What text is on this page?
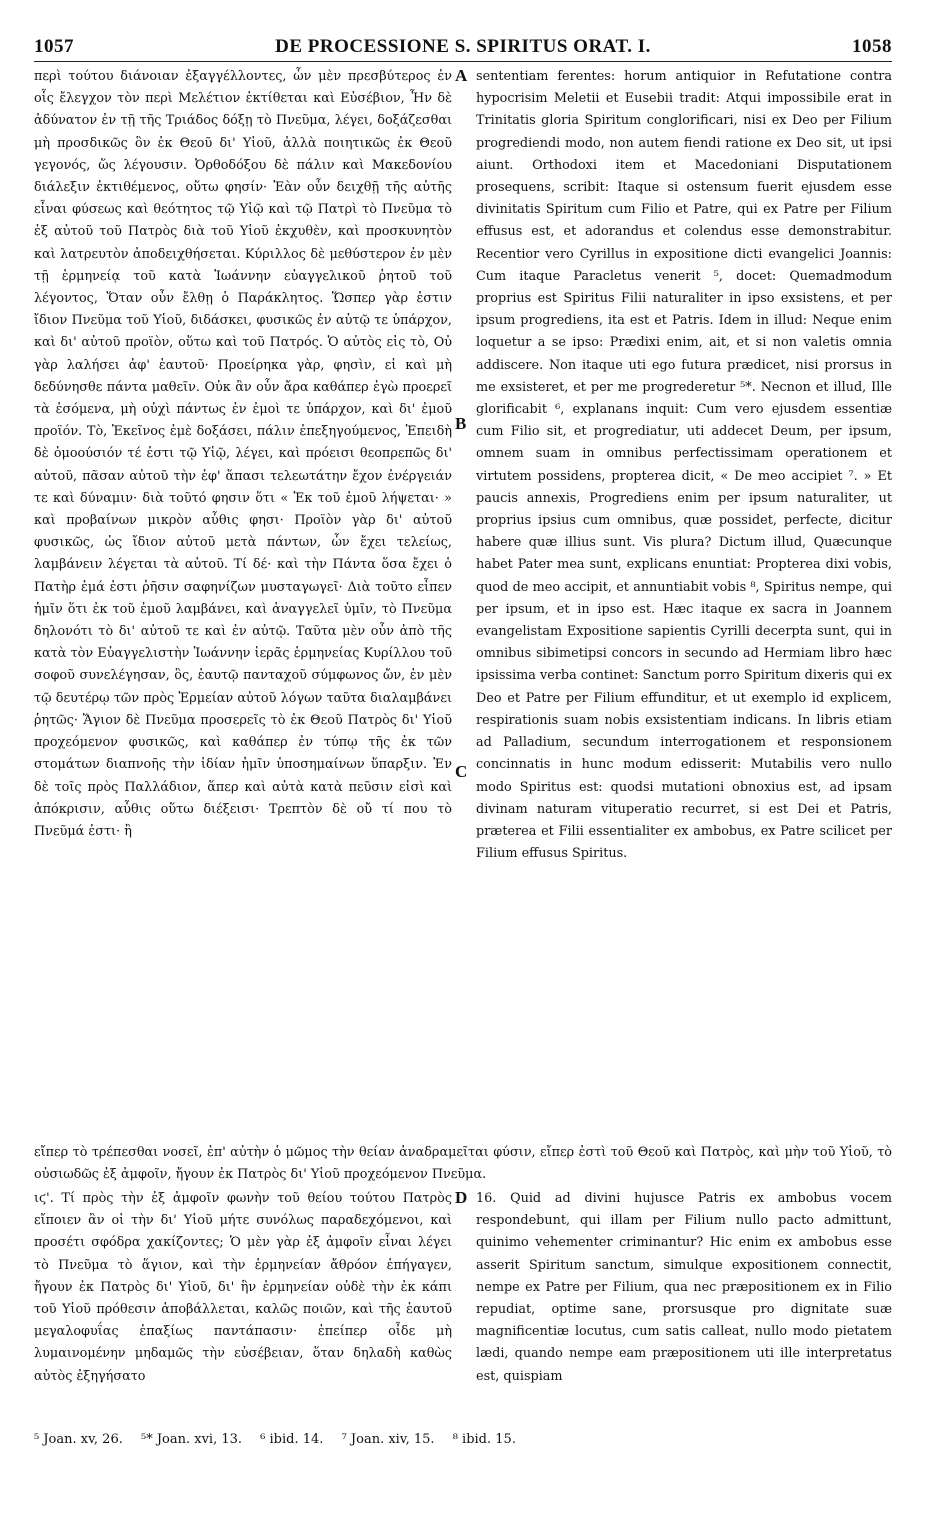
1057	DE PROCESSIONE S. SPIRITUS ORAT. I.	1058
A
B
C
D

περὶ τούτου διάνοιαν ἐξαγγέλλοντες, ὧν μὲν πρεσβύτερος ἐν οἷς ἔλεγχον τὸν περὶ Μελέτιον ἐκτίθεται καὶ Εὐσέβιον, Ἦν δὲ ἀδύνατον ἐν τῇ τῆς Τριάδος δόξῃ τὸ Πνεῦμα, λέγει, δοξάζεσθαι μὴ προσδικῶς ὃν ἐκ Θεοῦ δι' Υἱοῦ, ἀλλὰ ποιητικῶς ἐκ Θεοῦ γεγονός, ὥς λέγουσιν. Ὀρθοδόξου δὲ πάλιν καὶ Μακεδονίου διάλεξιν ἐκτιθέμενος, οὕτω φησίν· Ἐὰν οὖν δειχθῇ τῆς αὐτῆς εἶναι φύσεως καὶ θεότητος τῷ Υἱῷ καὶ τῷ Πατρὶ τὸ Πνεῦμα τὸ ἐξ αὐτοῦ τοῦ Πατρὸς διὰ τοῦ Υἱοῦ ἐκχυθὲν, καὶ προσκυνητὸν καὶ λατρευτὸν ἀποδειχθήσεται. Κύριλλος δὲ μεθύστερον ἐν μὲν τῇ ἑρμηνείᾳ τοῦ κατὰ Ἰωάννην εὐαγγελικοῦ ῥητοῦ τοῦ λέγοντος, Ὅταν οὖν ἔλθῃ ὁ Παράκλητος. Ὥσπερ γὰρ ἐστιν ἴδιον Πνεῦμα τοῦ Υἱοῦ, διδάσκει, φυσικῶς ἐν αὐτῷ τε ὑπάρχον, καὶ δι' αὐτοῦ προϊὸν, οὕτω καὶ τοῦ Πατρός. Ὁ αὐτὸς εἰς τὸ, Οὐ γὰρ λαλήσει ἀφ' ἑαυτοῦ· Προείρηκα γὰρ, φησὶν, εἰ καὶ μὴ δεδύνησθε πάντα μαθεῖν. Οὐκ ἂν οὖν ἄρα καθάπερ ἐγὼ προερεῖ τὰ ἐσόμενα, μὴ οὐχὶ πάντως ἐν ἐμοὶ τε ὑπάρχον, καὶ δι' ἐμοῦ προϊόν. Τὸ, Ἐκεῖνος ἐμὲ δοξάσει, πάλιν ἐπεξηγούμενος, Ἐπειδὴ δὲ ὁμοούσιόν τέ ἐστι τῷ Υἱῷ, λέγει, καὶ πρόεισι θεοπρεπῶς δι' αὐτοῦ, πᾶσαν αὐτοῦ τὴν ἐφ' ἅπασι τελεωτάτην ἔχον ἐνέργειάν τε καὶ δύναμιν· διὰ τοῦτό φησιν ὅτι « Ἐκ τοῦ ἐμοῦ λήψεται· » καὶ προβαίνων μικρὸν αὖθις φησι· Προϊὸν γὰρ δι' αὐτοῦ φυσικῶς, ὡς ἴδιον αὐτοῦ μετὰ πάντων, ὧν ἔχει τελείως, λαμβάνειν λέγεται τὰ αὐτοῦ. Τί δέ· καὶ τὴν Πάντα ὅσα ἔχει ὁ Πατὴρ ἐμά ἐστι ῥῆσιν σαφηνίζων μυσταγωγεῖ· Διὰ τοῦτο εἶπεν ἡμῖν ὅτι ἐκ τοῦ ἐμοῦ λαμβάνει, καὶ ἀναγγελεῖ ὑμῖν, τὸ Πνεῦμα δηλονότι τὸ δι' αὐτοῦ τε καὶ ἐν αὐτῷ. Ταῦτα μὲν οὖν ἀπὸ τῆς κατὰ τὸν Εὐαγγελιστὴν Ἰωάννην ἱερᾶς ἑρμηνείας Κυρίλλου τοῦ σοφοῦ συνελέγησαν, ὃς, ἑαυτῷ πανταχοῦ σύμφωνος ὤν, ἐν μὲν τῷ δευτέρῳ τῶν πρὸς Ἑρμείαν αὐτοῦ λόγων ταῦτα διαλαμβάνει ῥητῶς· Ἅγιον δὲ Πνεῦμα προσερεῖς τὸ ἐκ Θεοῦ Πατρὸς δι' Υἱοῦ προχεόμενον φυσικῶς, καὶ καθάπερ ἐν τύπῳ τῆς ἐκ τῶν στομάτων διαπνοῆς τὴν ἰδίαν ἡμῖν ὑποσημαίνων ὕπαρξιν. Ἐν δὲ τοῖς πρὸς Παλλάδιον, ἅπερ καὶ αὐτὰ κατὰ πεῦσιν εἰσὶ καὶ ἀπόκρισιν, αὖθις οὕτω διέξεισι· Τρεπτὸν δὲ οὔ τί που τὸ Πνεῦμά ἐστι· ἢ

sententiam ferentes: horum antiquior in Refutatione contra hypocrisim Meletii et Eusebii tradit: Atqui impossibile erat in Trinitatis gloria Spiritum conglorificari, nisi ex Deo per Filium progrediendi modo, non autem fiendi ratione ex Deo sit, ut ipsi aiunt. Orthodoxi item et Macedoniani Disputationem prosequens, scribit: Itaque si ostensum fuerit ejusdem esse divinitatis Spiritum cum Filio et Patre, qui ex Patre per Filium effusus est, et adorandus et colendus esse demonstrabitur. Recentior vero Cyrillus in expositione dicti evangelici Joannis: Cum itaque Paracletus venerit ⁵, docet: Quemadmodum proprius est Spiritus Filii naturaliter in ipso exsistens, et per ipsum progrediens, ita est et Patris. Idem in illud: Neque enim loquetur a se ipso: Prædixi enim, ait, et si non valetis omnia addiscere. Non itaque uti ego futura prædicet, nisi prorsus in me exsisteret, et per me progrederetur ⁵*. Necnon et illud, Ille glorificabit ⁶, explanans inquit: Cum vero ejusdem essentiæ cum Filio sit, et progrediatur, uti addecet Deum, per ipsum, omnem suam in omnibus perfectissimam operationem et virtutem possidens, propterea dicit, « De meo accipiet ⁷. » Et paucis annexis, Progrediens enim per ipsum naturaliter, ut proprius ipsius cum omnibus, quæ possidet, perfecte, dicitur habere quæ illius sunt. Vis plura? Dictum illud, Quæcunque habet Pater mea sunt, explicans enuntiat: Propterea dixi vobis, quod de meo accipit, et annuntiabit vobis ⁸, Spiritus nempe, qui per ipsum, et in ipso est. Hæc itaque ex sacra in Joannem evangelistam Expositione sapientis Cyrilli decerpta sunt, qui in omnibus sibimetipsi concors in secundo ad Hermiam libro hæc ipsissima verba continet: Sanctum porro Spiritum dixeris qui ex Deo et Patre per Filium effunditur, et ut exemplo id explicem, respirationis suam nobis exsistentiam indicans. In libris etiam ad Palladium, secundum interrogationem et responsionem concinnatis in hunc modum edisserit: Mutabilis vero nullo modo Spiritus est: quodsi mutationi obnoxius est, ad ipsam divinam naturam vituperatio recurret, si est Dei et Patris, præterea et Filii essentialiter ex ambobus, ex Patre scilicet per Filium effusus Spiritus.

εἴπερ τὸ τρέπεσθαι νοσεῖ, ἐπ' αὐτὴν ὁ μῶμος τὴν θείαν ἀναδραμεῖται φύσιν, εἴπερ ἐστὶ τοῦ Θεοῦ καὶ Πατρὸς, καὶ μὴν τοῦ Υἱοῦ, τὸ οὐσιωδῶς ἐξ ἀμφοῖν, ἤγουν ἐκ Πατρὸς δι' Υἱοῦ προχεόμενον Πνεῦμα.

ιϛ'. Τί πρὸς τὴν ἐξ ἀμφοῖν φωνὴν τοῦ θείου τούτου Πατρὸς εἴποιεν ἂν οἱ τὴν δι' Υἱοῦ μήτε συνόλως παραδεχόμενοι, καὶ προσέτι σφόδρα χακίζοντες; Ὁ μὲν γὰρ ἐξ ἀμφοῖν εἶναι λέγει τὸ Πνεῦμα τὸ ἅγιον, καὶ τὴν ἑρμηνείαν ἄθρόον ἐπήγαγεν, ἤγουν ἐκ Πατρὸς δι' Υἱοῦ, δι' ἣν ἑρμηνείαν οὐδὲ τὴν ἐκ κάπι τοῦ Υἱοῦ πρόθεσιν ἀποβάλλεται, καλῶς ποιῶν, καὶ τῆς ἑαυτοῦ μεγαλοφυΐας ἐπαξίως παντάπασιν· ἐπείπερ οἶδε μὴ λυμαινομένην μηδαμῶς τὴν εὐσέβειαν, ὅταν δηλαδὴ καθὼς αὐτὸς ἐξηγήσατο

16. Quid ad divini hujusce Patris ex ambobus vocem respondebunt, qui illam per Filium nullo pacto admittunt, quinimo vehementer criminantur? Hic enim ex ambobus esse asserit Spiritum sanctum, simulque expositionem connectit, nempe ex Patre per Filium, qua nec præpositionem ex in Filio repudiat, optime sane, prorsusque pro dignitate suæ magnificentiæ locutus, cum satis calleat, nullo modo pietatem lædi, quando nempe eam præpositionem uti ille interpretatus est, quispiam

⁵ Joan. xv, 26. ⁵* Joan. xvi, 13. ⁶ ibid. 14. ⁷ Joan. xiv, 15. ⁸ ibid. 15.
